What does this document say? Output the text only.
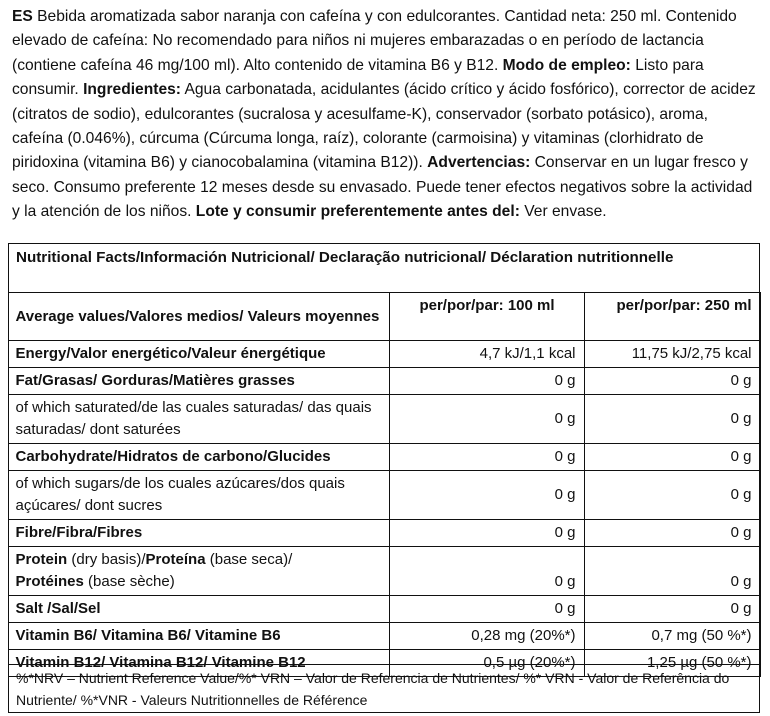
ES Bebida aromatizada sabor naranja con cafeína y con edulcorantes. Cantidad neta: 250 ml. Contenido elevado de cafeína: No recomendado para niños ni mujeres embarazadas o en período de lactancia (contiene cafeína 46 mg/100 ml). Alto contenido de vitamina B6 y B12. Modo de empleo: Listo para consumir. Ingredientes: Agua carbonatada, acidulantes (ácido crítico y ácido fosfórico), corrector de acidez (citratos de sodio), edulcorantes (sucralosa y acesulfame-K), conservador (sorbato potásico), aroma, cafeína (0.046%), cúrcuma (Cúrcuma longa, raíz), colorante (carmoisina) y vitaminas (clorhidrato de piridoxina (vitamina B6) y cianocobalamina (vitamina B12)). Advertencias: Conservar en un lugar fresco y seco. Consumo preferente 12 meses desde su envasado. Puede tener efectos negativos sobre la actividad y la atención de los niños. Lote y consumir preferentemente antes del: Ver envase.
Nutritional Facts/Información Nutricional/ Declaração nutricional/ Déclaration nutritionnelle
Average values/Valores medios/ Valeurs moyennes	per/por/par: 100 ml	per/por/par: 250 ml
Energy/Valor energético/Valeur énergétique	4,7 kJ/1,1 kcal	11,75 kJ/2,75 kcal
Fat/Grasas/ Gorduras/Matières grasses	0 g	0 g
of which saturated/de las cuales saturadas/ das quais saturadas/ dont saturées	0 g	0 g
Carbohydrate/Hidratos de carbono/Glucides	0 g	0 g
of which sugars/de los cuales azúcares/dos quais açúcares/ dont sucres	0 g	0 g
Fibre/Fibra/Fibres	0 g	0 g
Protein (dry basis)/Proteína (base seca)/
Protéines (base sèche)	0 g	0 g
Salt /Sal/Sel	0 g	0 g
Vitamin B6/ Vitamina B6/ Vitamine B6	0,28 mg (20%*)	0,7 mg (50 %*)
Vitamin B12/ Vitamina B12/ Vitamine B12	0,5 µg (20%*)	1,25 µg (50 %*)
%*NRV – Nutrient Reference Value/%* VRN – Valor de Referencia de Nutrientes/ %* VRN - Valor de Referência do Nutriente/ %*VNR - Valeurs Nutritionnelles de Référence
